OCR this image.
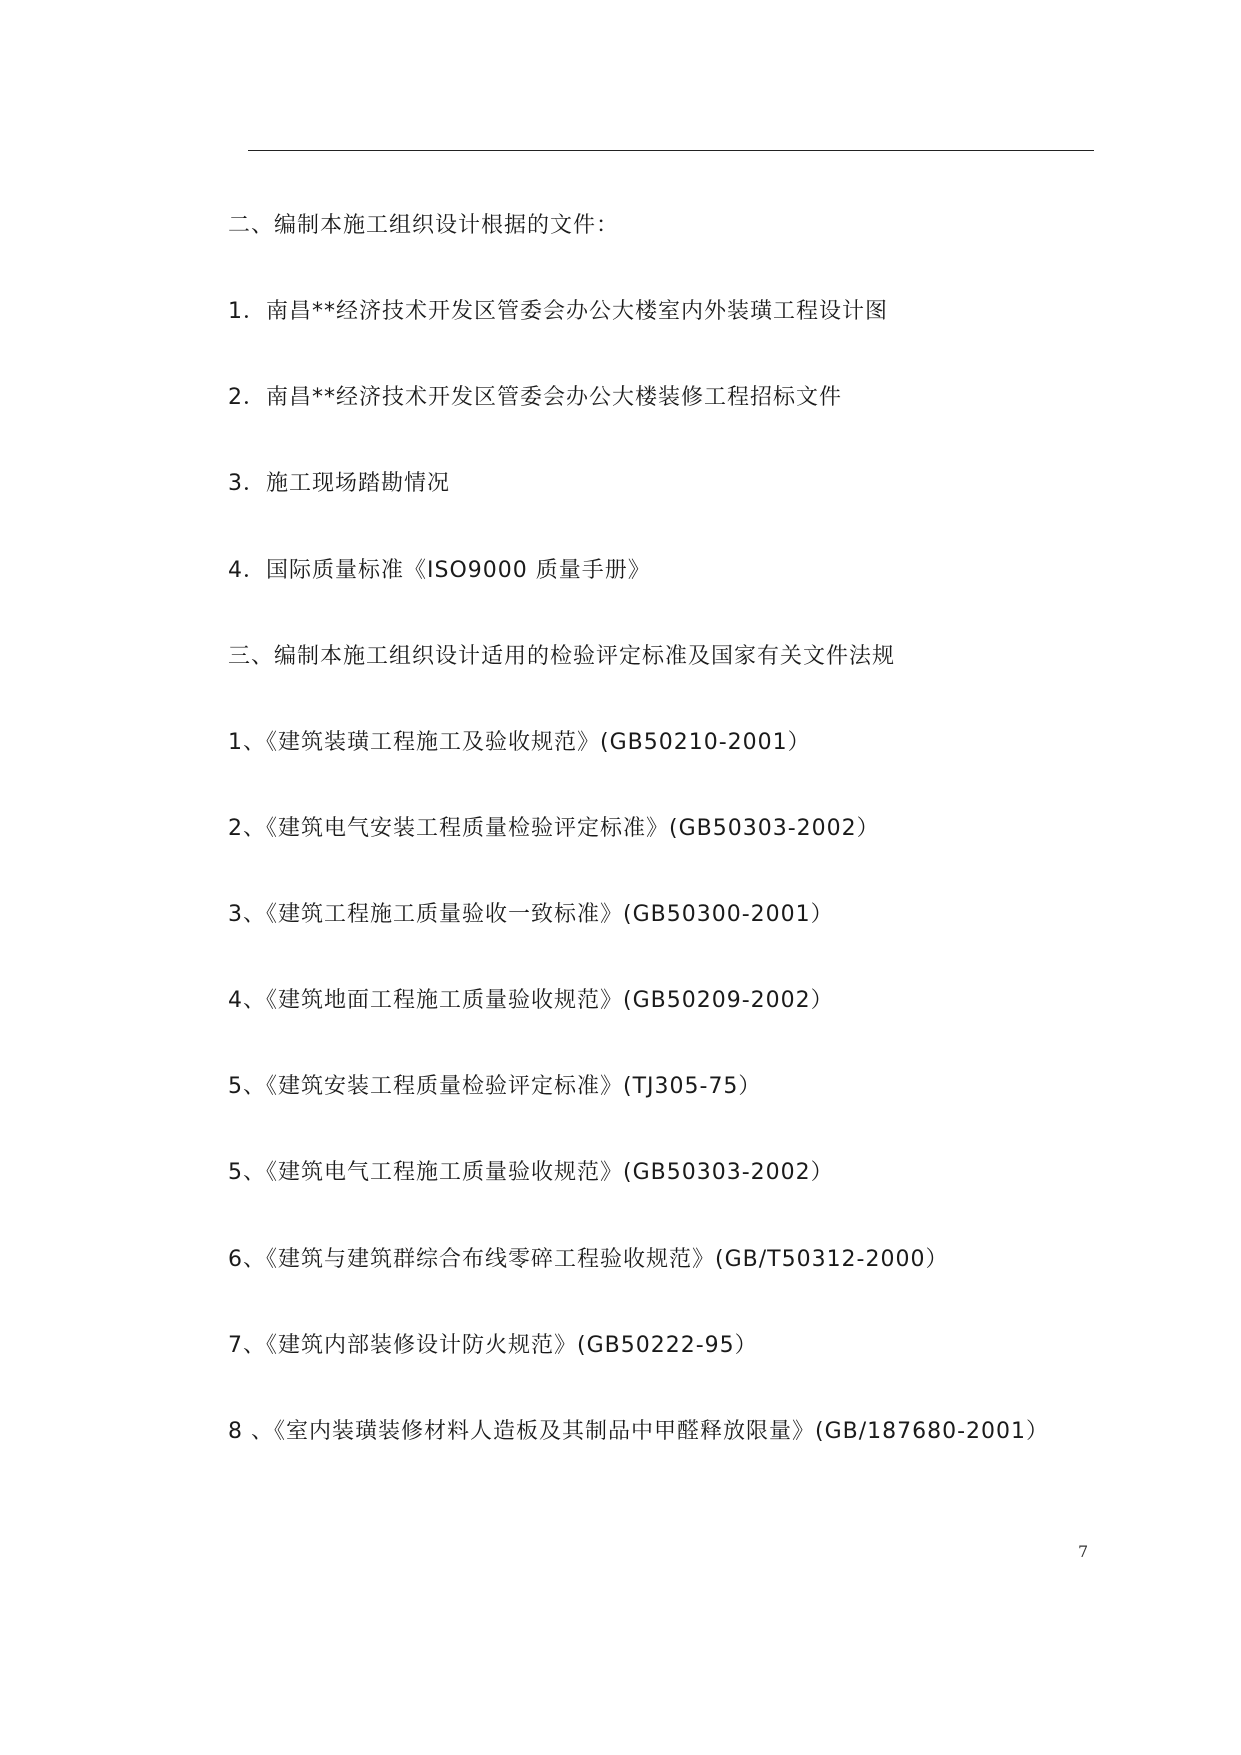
二、编制本施工组织设计根据的文件：
1．南昌**经济技术开发区管委会办公大楼室内外装璜工程设计图
2．南昌**经济技术开发区管委会办公大楼装修工程招标文件
3．施工现场踏勘情况
4．国际质量标准《ISO9000 质量手册》
三、编制本施工组织设计适用的检验评定标准及国家有关文件法规
1、《建筑装璜工程施工及验收规范》(GB50210-2001）
2、《建筑电气安装工程质量检验评定标准》(GB50303-2002）
3、《建筑工程施工质量验收一致标准》(GB50300-2001）
4、《建筑地面工程施工质量验收规范》(GB50209-2002）
5、《建筑安装工程质量检验评定标准》(TJ305-75）
5、《建筑电气工程施工质量验收规范》(GB50303-2002）
6、《建筑与建筑群综合布线零碎工程验收规范》(GB/T50312-2000）
7、《建筑内部装修设计防火规范》(GB50222-95）
8 、《室内装璜装修材料人造板及其制品中甲醛释放限量》(GB/187680-2001）
7
